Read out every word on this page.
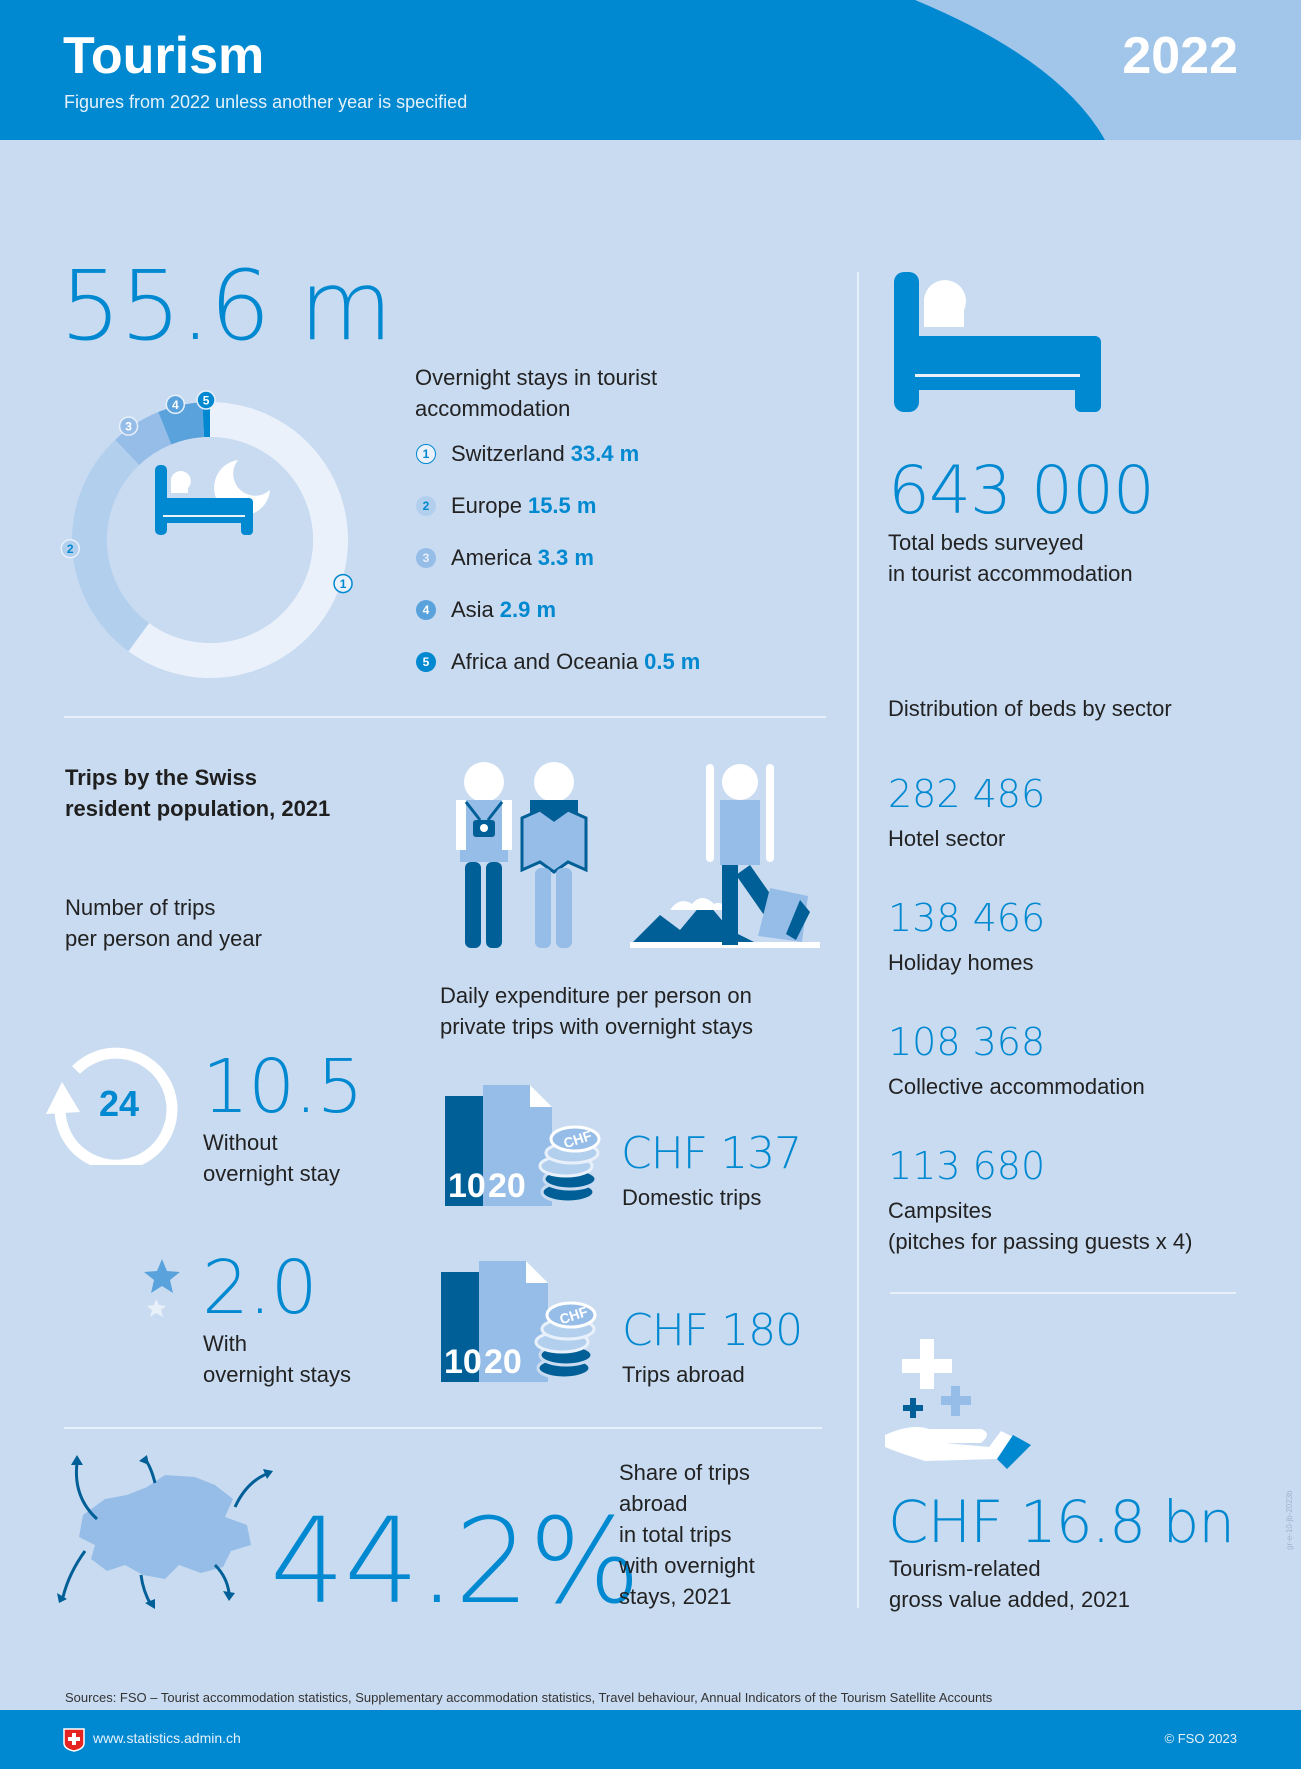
Tourism
Figures from 2022 unless another year is specified
2022
55.6 m
1
2
3
4 5
Overnight stays in tourist accommodation
1 Switzerland 33.4 m
2 Europe 15.5 m
3 America 3.3 m
4 Asia 2.9 m
5 Africa and Oceania 0.5 m
Trips by the Swiss
resident population, 2021
Number of trips
per person and year
Daily expenditure per person on
private trips with overnight stays
24 10.5
Without
overnight stay
2.0
With
overnight stays
10 20
CHF CHF 137
Domestic trips
10 20
CHF CHF 180
Trips abroad
44.2%
Share of trips
abroad
in total trips
with overnight
stays, 2021
643 000
Total beds surveyed
in tourist accommodation
Distribution of beds by sector
282 486
Hotel sector
138 466
Holiday homes
108 368
Collective accommodation
113 680
Campsites
(pitches for passing guests x 4)
CHF 16.8 bn
Tourism-related
gross value added, 2021
gr-e-10-jb-2023b
Sources: FSO – Tourist accommodation statistics, Supplementary accommodation statistics, Travel behaviour, Annual Indicators of the Tourism Satellite Accounts
www.statistics.admin.ch	© FSO 2023
